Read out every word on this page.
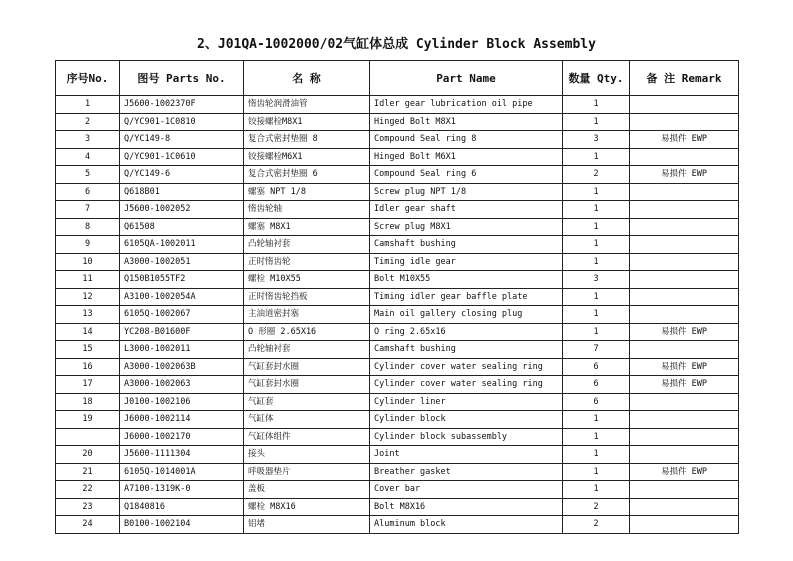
2、J01QA-1002000/02气缸体总成 Cylinder Block Assembly
序号No.	图号 Parts No.	名 称	Part Name	数量 Qty.	备 注 Remark
1	J5600-1002370F	惰齿轮润滑油管	Idler gear lubrication oil pipe	1	
2	Q/YC901-1C0810	铰接螺栓M8X1	Hinged Bolt M8X1	1	
3	Q/YC149-8	复合式密封垫圈 8	Compound Seal ring 8	3	易损件 EWP
4	Q/YC901-1C0610	铰接螺栓M6X1	Hinged Bolt M6X1	1	
5	Q/YC149-6	复合式密封垫圈 6	Compound Seal ring 6	2	易损件 EWP
6	Q618B01	螺塞 NPT 1/8	Screw plug NPT 1/8	1	
7	J5600-1002052	惰齿轮轴	Idler gear shaft	1	
8	Q61508	螺塞 M8X1	Screw plug M8X1	1	
9	6105QA-1002011	凸轮轴衬套	Camshaft bushing	1	
10	A3000-1002051	正时惰齿轮	Timing idle gear	1	
11	Q150B1055TF2	螺栓 M10X55	Bolt M10X55	3	
12	A3100-1002054A	正时惰齿轮挡板	Timing idler gear baffle plate	1	
13	6105Q-1002067	主油道密封塞	Main oil gallery closing plug	1	
14	YC208-B01600F	O 形圈 2.65X16	O ring 2.65x16	1	易损件 EWP
15	L3000-1002011	凸轮轴衬套	Camshaft bushing	7	
16	A3000-1002063B	气缸套封水圈	Cylinder cover water sealing ring	6	易损件 EWP
17	A3000-1002063	气缸套封水圈	Cylinder cover water sealing ring	6	易损件 EWP
18	J0100-1002106	气缸套	Cylinder liner	6	
19	J6000-1002114	气缸体	Cylinder block	1	
	J6000-1002170	气缸体组件	Cylinder block subassembly	1	
20	J5600-1111304	接头	Joint	1	
21	6105Q-1014001A	呼吸器垫片	Breather gasket	1	易损件 EWP
22	A7100-1319K-0	盖板	Cover bar	1	
23	Q1840816	螺栓 M8X16	Bolt M8X16	2	
24	B0100-1002104	铝堵	Aluminum block	2	
